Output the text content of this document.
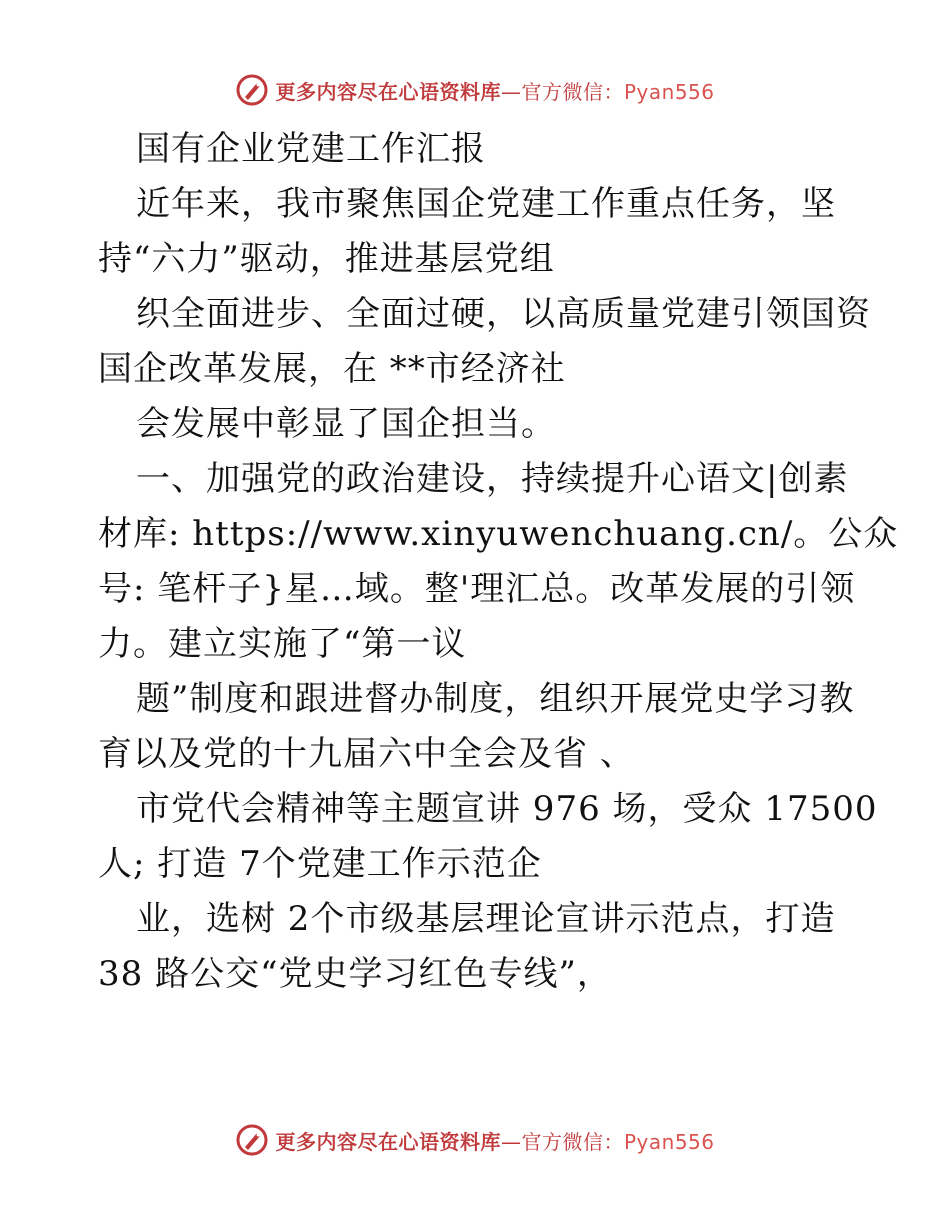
更多内容尽在心语资料库—官方微信：Pyan556
国有企业党建工作汇报
近年来，我市聚焦国企党建工作重点任务，坚
持“六力”驱动，推进基层党组
织全面进步、全面过硬，以高质量党建引领国资
国企改革发展，在 **市经济社
会发展中彰显了国企担当。
一、加强党的政治建设，持续提升心语文|创素
材库: https://www.xinyuwenchuang.cn/。公众
号: 笔杆子}星…域。整'理汇总。改革发展的引领
力。建立实施了“第一议
题”制度和跟进督办制度，组织开展党史学习教
育以及党的十九届六中全会及省 、
市党代会精神等主题宣讲 976 场，受众 17500
人; 打造 7个党建工作示范企
业，选树 2个市级基层理论宣讲示范点，打造
38 路公交“党史学习红色专线”，
更多内容尽在心语资料库—官方微信：Pyan556
